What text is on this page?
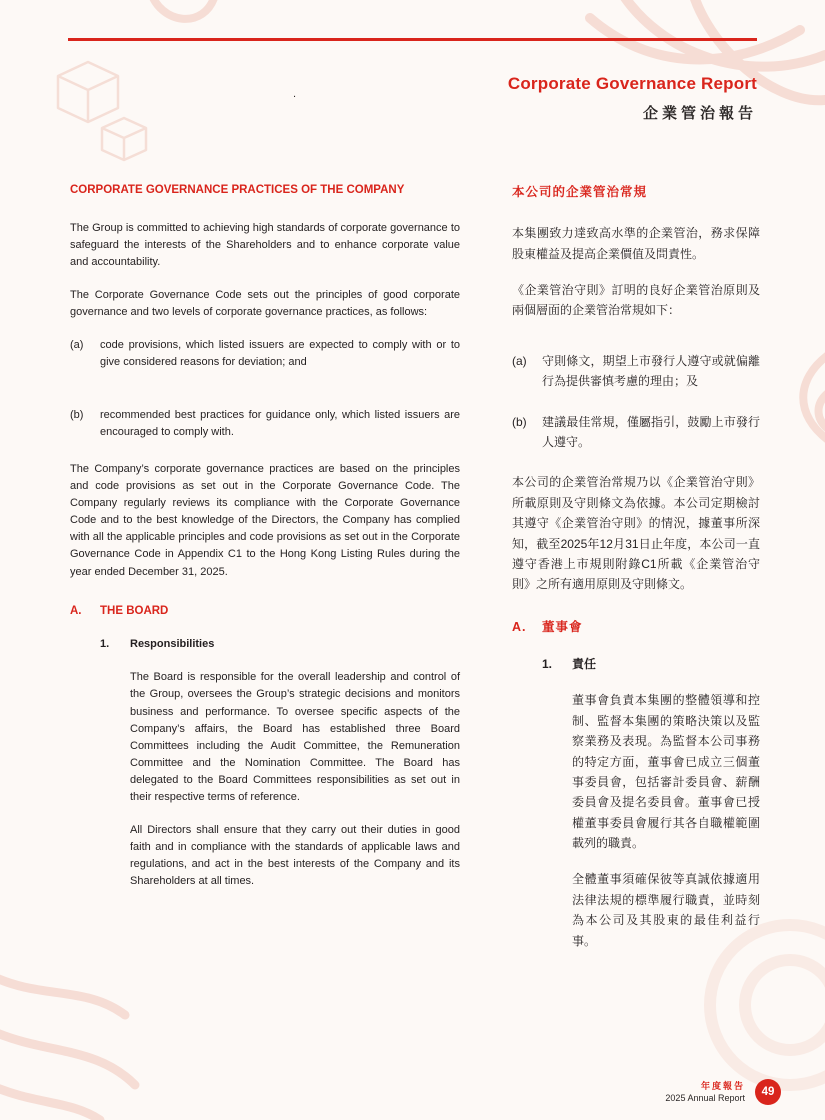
Corporate Governance Report
企業管治報告
.
CORPORATE GOVERNANCE PRACTICES OF THE COMPANY

The Group is committed to achieving high standards of corporate governance to safeguard the interests of the Shareholders and to enhance corporate value and accountability.

The Corporate Governance Code sets out the principles of good corporate governance and two levels of corporate governance practices, as follows:

(a)	code provisions, which listed issuers are expected to comply with or to give considered reasons for deviation; and
(b)	recommended best practices for guidance only, which listed issuers are encouraged to comply with.

The Company’s corporate governance practices are based on the principles and code provisions as set out in the Corporate Governance Code. The Company regularly reviews its compliance with the Corporate Governance Code and to the best knowledge of the Directors, the Company has complied with all the applicable principles and code provisions as set out in the Corporate Governance Code in Appendix C1 to the Hong Kong Listing Rules during the year ended December 31, 2025.

A.	THE BOARD
1.	Responsibilities

The Board is responsible for the overall leadership and control of the Group, oversees the Group’s strategic decisions and monitors business and performance. To oversee specific aspects of the Company’s affairs, the Board has established three Board Committees including the Audit Committee, the Remuneration Committee and the Nomination Committee. The Board has delegated to the Board Committees responsibilities as set out in their respective terms of reference.

All Directors shall ensure that they carry out their duties in good faith and in compliance with the standards of applicable laws and regulations, and act in the best interests of the Company and its Shareholders at all times.

本公司的企業管治常規

本集團致力達致高水準的企業管治，務求保障股東權益及提高企業價值及問責性。

《企業管治守則》訂明的良好企業管治原則及兩個層面的企業管治常規如下：

(a)	守則條文，期望上市發行人遵守或就偏離行為提供審慎考慮的理由；及
(b)	建議最佳常規，僅屬指引，鼓勵上市發行人遵守。

本公司的企業管治常規乃以《企業管治守則》所載原則及守則條文為依據。本公司定期檢討其遵守《企業管治守則》的情況，據董事所深知，截至2025年12月31日止年度，本公司一直遵守香港上市規則附錄C1所載《企業管治守則》之所有適用原則及守則條文。

A.	董事會
1.	責任

董事會負責本集團的整體領導和控制、監督本集團的策略決策以及監察業務及表現。為監督本公司事務的特定方面，董事會已成立三個董事委員會，包括審計委員會、薪酬委員會及提名委員會。董事會已授權董事委員會履行其各自職權範圍載列的職責。

全體董事須確保彼等真誠依據適用法律法規的標準履行職責，並時刻為本公司及其股東的最佳利益行事。

年度報告
2025 Annual Report	49
